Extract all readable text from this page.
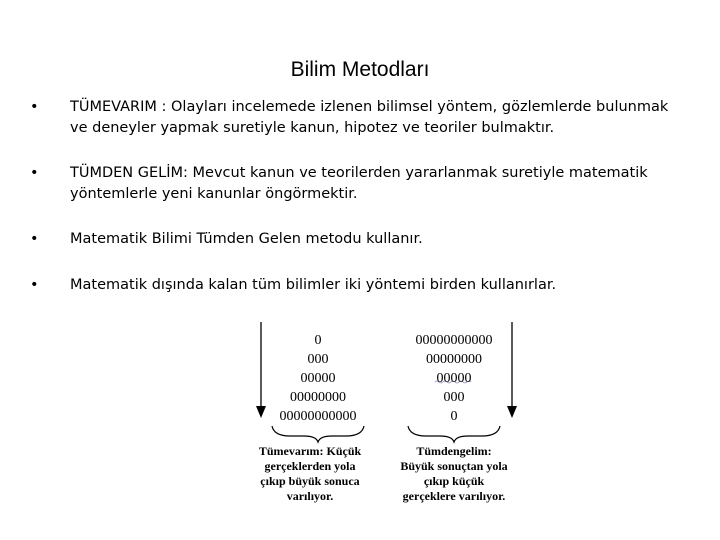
Bilim Metodları
• TÜMEVARIM : Olayları incelemede izlenen bilimsel yöntem, gözlemlerde bulunmak
ve deneyler yapmak suretiyle kanun, hipotez ve teoriler bulmaktır.
• TÜMDEN GELİM: Mevcut kanun ve teorilerden yararlanmak suretiyle matematik
yöntemlerle yeni kanunlar öngörmektir.
• Matematik Bilimi Tümden Gelen metodu kullanır.
• Matematik dışında kalan tüm bilimler iki yöntemi birden kullanırlar.
0
000
00000
00000000
00000000000
00000000000
00000000
00000
000
0
Tümevarım: Küçük
gerçeklerden yola
çıkıp büyük sonuca
varılıyor.
Tümdengelim:
Büyük sonuçtan yola
çıkıp küçük
gerçeklere varılıyor.
